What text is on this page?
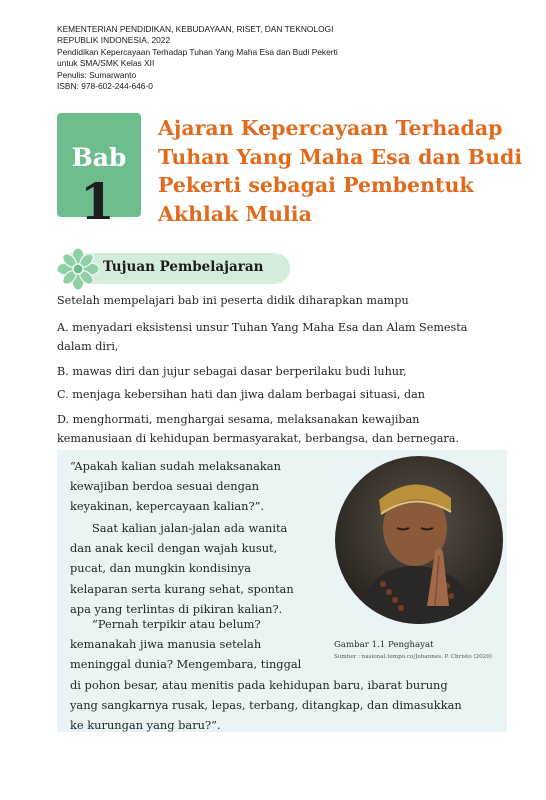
KEMENTERIAN PENDIDIKAN, KEBUDAYAAN, RISET, DAN TEKNOLOGI
REPUBLIK INDONESIA, 2022
Pendidikan Kepercayaan Terhadap Tuhan Yang Maha Esa dan Budi Pekerti
untuk SMA/SMK Kelas XII
Penulis: Sumarwanto
ISBN: 978-602-244-646-0
Bab
1
Ajaran Kepercayaan Terhadap
Tuhan Yang Maha Esa dan Budi
Pekerti sebagai Pembentuk
Akhlak Mulia
Tujuan Pembelajaran
Setelah mempelajari bab ini peserta didik diharapkan mampu
A. menyadari eksistensi unsur Tuhan Yang Maha Esa dan Alam Semesta
dalam diri,
B. mawas diri dan jujur sebagai dasar berperilaku budi luhur,
C. menjaga kebersihan hati dan jiwa dalam berbagai situasi, dan
D. menghormati, menghargai sesama, melaksanakan kewajiban
kemanusiaan di kehidupan bermasyarakat, berbangsa, dan bernegara.
“Apakah kalian sudah melaksanakan
kewajiban berdoa sesuai dengan
keyakinan, kepercayaan kalian?”.
Saat kalian jalan-jalan ada wanita
dan anak kecil dengan wajah kusut,
pucat, dan mungkin kondisinya
kelaparan serta kurang sehat, spontan
apa yang terlintas di pikiran kalian?.
“Pernah terpikir atau belum?
kemanakah jiwa manusia setelah
meninggal dunia? Mengembara, tinggal
di pohon besar, atau menitis pada kehidupan baru, ibarat burung
yang sangkarnya rusak, lepas, terbang, ditangkap, dan dimasukkan
ke kurungan yang baru?”.
Gambar 1.1 Penghayat
Sumber : nasional.tempo.co/Johannes. P. Christo (2020)
